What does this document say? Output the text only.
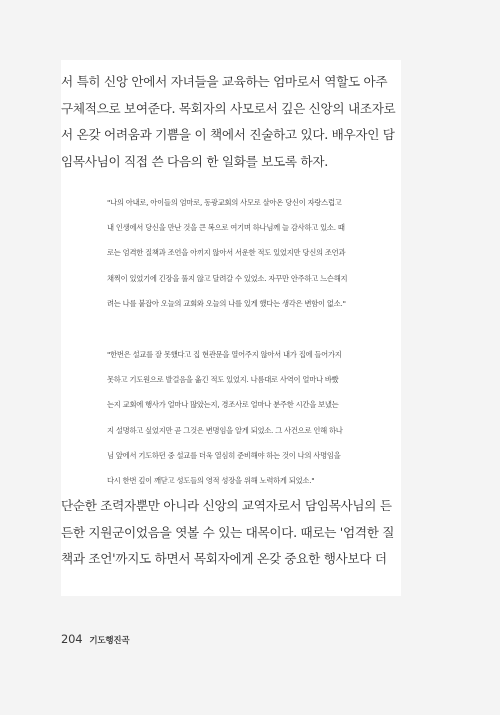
서 특히 신앙 안에서 자녀들을 교육하는 엄마로서 역할도 아주
구체적으로 보여준다. 목회자의 사모로서 깊은 신앙의 내조자로
서 온갖 어려움과 기쁨을 이 책에서 진술하고 있다. 배우자인 담
임목사님이 직접 쓴 다음의 한 일화를 보도록 하자.

"나의 아내로, 아이들의 엄마로, 동광교회의 사모로 살아온 당신이 자랑스럽고
내 인생에서 당신을 만난 것을 큰 복으로 여기며 하나님께 늘 감사하고 있소. 때
로는 엄격한 질책과 조언을 아끼지 않아서 서운한 적도 있었지만 당신의 조언과
채찍이 있었기에 긴장을 풀지 않고 달려갈 수 있었소. 자꾸만 안주하고 느슨해지
려는 나를 붙잡아 오늘의 교회와 오늘의 나를 있게 했다는 생각은 변함이 없소."
"한번은 설교를 잘 못했다고 집 현관문을 열어주지 않아서 내가 집에 들어가지
못하고 기도원으로 발걸음을 옮긴 적도 있었지. 나름대로 사역이 얼마나 바빴
는지 교회에 행사가 얼마나 많았는지, 경조사로 얼마나 분주한 시간을 보냈는
지 설명하고 싶었지만 곧 그것은 변명임을 알게 되었소. 그 사건으로 인해 하나
님 앞에서 기도하던 중 설교를 더욱 열심히 준비해야 하는 것이 나의 사명임을
다시 한번 깊이 깨닫고 성도들의 영적 성장을 위해 노력하게 되었소."

단순한 조력자뿐만 아니라 신앙의 교역자로서 담임목사님의 든
든한 지원군이었음을 엿볼 수 있는 대목이다. 때로는 '엄격한 질
책과 조언'까지도 하면서 목회자에게 온갖 중요한 행사보다 더

204 기도행진곡
